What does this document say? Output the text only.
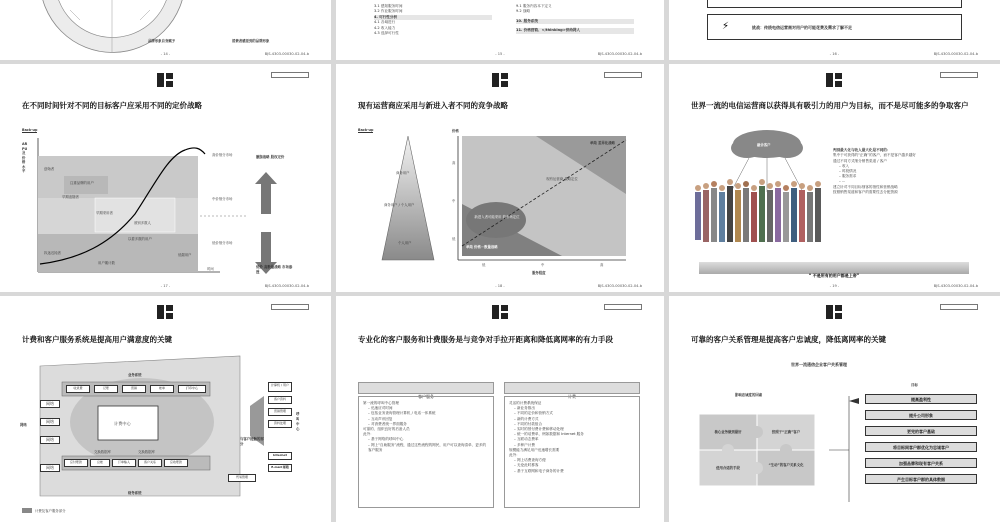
品牌形象自身赋予	消费者感觉到的品牌形象
- 14 -	BJS-4303-00030-02-04-b
3.1 感知服务时间
3.2 作业服务时间
4. 可行性分析
4.1 各域进行
4.2 收入能力
4.3 选择可行性
9.1 服务内容本下定义
9.2 战略
10. 服务系统
11. 价格营销、</thinking>供给网人
- 15 -	BJS-4303-00030-02-04-b
⚡	挑战：传统电信运营商对用户的可能花费及需求了解不足
- 16 -	BJS-4303-00030-02-04-b
在不同时间针对不同的目标客户应采用不同的定价战略
Back-up
ARPU及价格水平
高价细分市场
中价细分市场
低价细分市场
创始者
注重品牌的用户
早期追随者
早期采用者
被别多数人
以着多数的用户
执迷迟钝者	低端用户
时间
用户累计数
撤脂战略 股权定价
低价 高数量战略 市场渗透
- 17 -	BJS-4303-00030-02-04-b
现有运营商应采用与新进入者不同的竞争战略
Back-up	价格
高
中
低
商务用户
商务用户 / 个人用户
个人用户
单纯 差异化战略
现有运营商 战略定位
新进入者可能采用 的市场定位
单纯 价格－数量战略
低	中	高
服务程度
- 18 -	BJS-4303-00030-02-04-b
世界一流的电信运营商以获得具有吸引力的用户为目标，而不是尽可能多的争取客户
融合客户
判别最大化与收入最大化是不同的：
集中于可获得的“正确”的客户，而不是客户越多越好
通过不同方式细分销售渠道 / 客户
– 收入
– 时段情况
– 服务需求
– ...
建立针对不同目标细客的指性和营销战略
按照销售渠道和客户的需要性去分配资源
“ 不是所有的用户都是上帝”
- 19 -	BJS-4303-00030-02-04-b
计费和客户服务系统是提高用户满意度的关键
计费中心
业务系统
财务系统
网络
呼叫中心
交换数据库	交换数据库
网络
网络
网络
网络
收录费	记账	营销	帐单	打印中心
应付账款	总帐	订单输入	客户关系	应收账款
贸易管理
计算机 / 用户
客户资料
营销管理
资料处理
与客户接触的部分
Internet
E-mail 邮箱
计费及客户服务部分
专业化的客户服务和计费服务是与竞争对手拉开距离和降低离网率的有力手段
客户服务	计费
第一流的呼叫中心管理
– 迅速应对时间
– 包括业务查询管理计算机 / 电话一体系统
– 互动声讯回复
– 对消费者统一界面服务
可靠的、组织良好的后备人员
此外：
– 基于网络的呼叫中心
– 网上“自助服务”流程，通过这些流程的网民，用户可以查询清单、更多的客户服务
灵活的计费系统保证
– 新业务推出
– 不同的定价和营销方式
– 新的计费方式
– 不同的付款组合
– 实时的预付费计费和移动处理
– 统一的话费单，例如数据和 Internet 服务
– 互联动态费率
– 多种户计费
规模能力满足用户迅速增长需要
此外：
– 网上话费查询方便
– 无论此时都客
– 基于互联网和电子商务的计费
可靠的客户关系管理是提高客户忠诚度，降低离网率的关键
世界一流通信企业客户关系管理
影响忠诚度的因素
目标
核心业务做到最好	按照于“正确”客户
使用合适的手段
“生动”的客户关系文化
提高盈利性
提升公司形象
更完的客户基础
将目标网客户群优化为忠诚客户
加强品牌和现有客户关系
产生目标客户群的具体数据
